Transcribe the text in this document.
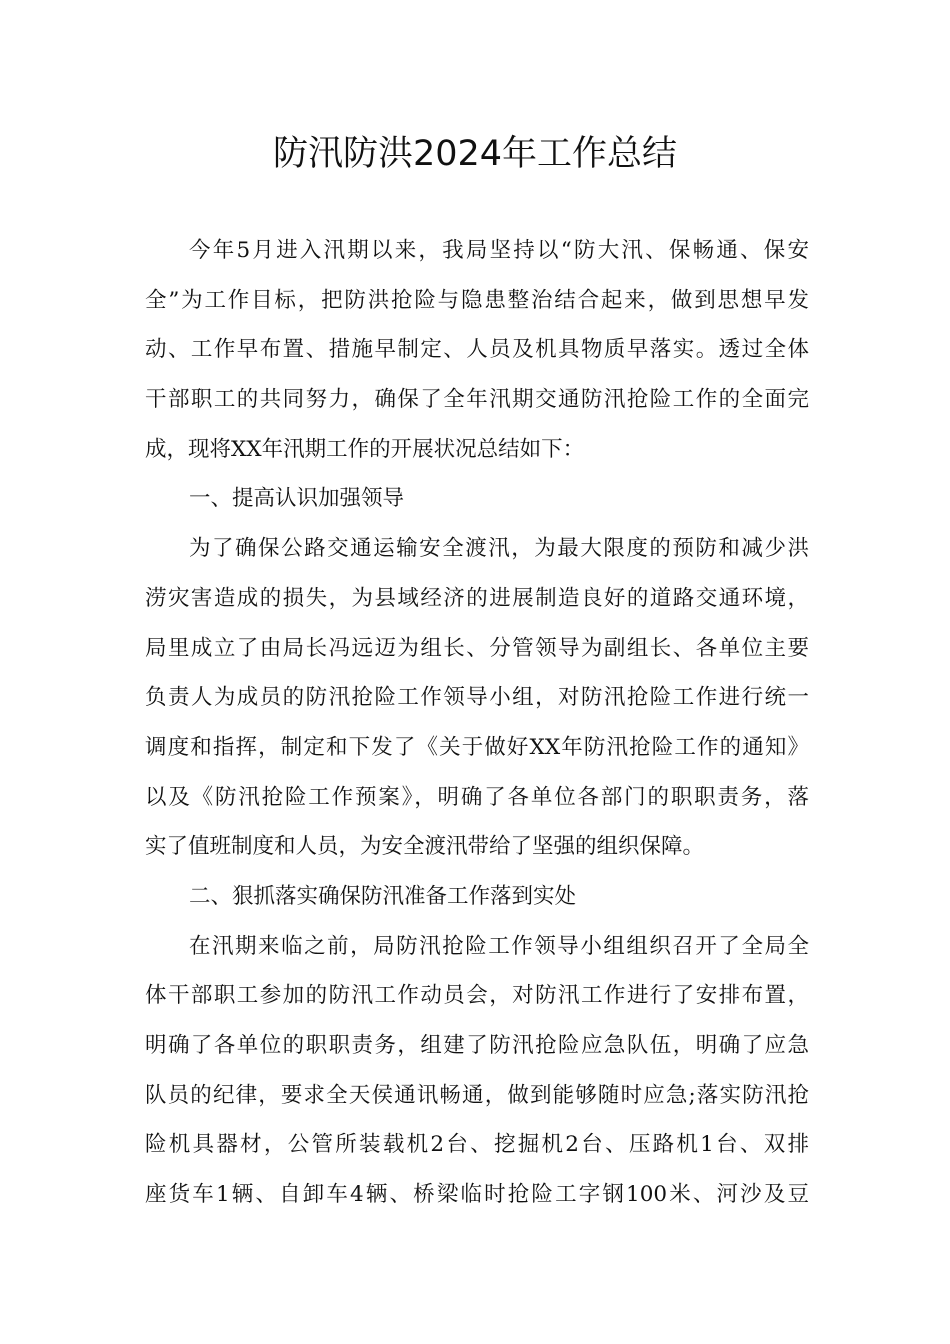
防汛防洪2024年工作总结
今年5月进入汛期以来，我局坚持以“防大汛、保畅通、保安
全”为工作目标，把防洪抢险与隐患整治结合起来，做到思想早发
动、工作早布置、措施早制定、人员及机具物质早落实。透过全体
干部职工的共同努力，确保了全年汛期交通防汛抢险工作的全面完
成，现将XX年汛期工作的开展状况总结如下：
一、提高认识加强领导
为了确保公路交通运输安全渡汛，为最大限度的预防和减少洪
涝灾害造成的损失，为县域经济的进展制造良好的道路交通环境，
局里成立了由局长冯远迈为组长、分管领导为副组长、各单位主要
负责人为成员的防汛抢险工作领导小组，对防汛抢险工作进行统一
调度和指挥，制定和下发了《关于做好XX年防汛抢险工作的通知》
以及《防汛抢险工作预案》，明确了各单位各部门的职职责务，落
实了值班制度和人员，为安全渡汛带给了坚强的组织保障。
二、狠抓落实确保防汛准备工作落到实处
在汛期来临之前，局防汛抢险工作领导小组组织召开了全局全
体干部职工参加的防汛工作动员会，对防汛工作进行了安排布置，
明确了各单位的职职责务，组建了防汛抢险应急队伍，明确了应急
队员的纪律，要求全天侯通讯畅通，做到能够随时应急;落实防汛抢
险机具器材，公管所装载机2台、挖掘机2台、压路机1台、双排
座货车1辆、自卸车4辆、桥梁临时抢险工字钢100米、河沙及豆
